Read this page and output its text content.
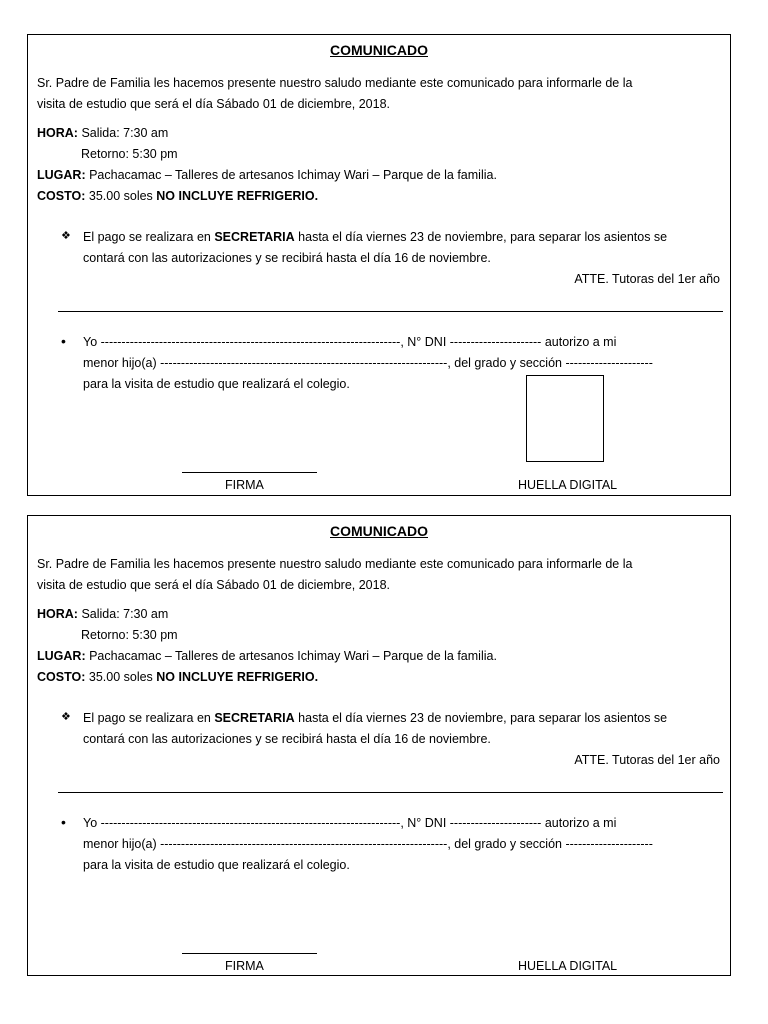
COMUNICADO
Sr. Padre de Familia les hacemos presente nuestro saludo mediante este comunicado para informarle de la
visita de estudio que será el día Sábado 01 de diciembre, 2018.
HORA: Salida: 7:30 am
Retorno: 5:30 pm
LUGAR: Pachacamac – Talleres de artesanos Ichimay Wari – Parque de la familia.
COSTO: 35.00 soles NO INCLUYE REFRIGERIO.
❖ El pago se realizara en SECRETARIA hasta el día viernes 23 de noviembre, para separar los asientos se
contará con las autorizaciones y se recibirá hasta el día 16 de noviembre.
ATTE. Tutoras del 1er año
• Yo ------------------------------------------------------------------------, N° DNI ---------------------- autorizo a mi
menor hijo(a) ---------------------------------------------------------------------, del grado y sección ---------------------
para la visita de estudio que realizará el colegio.
FIRMA	HUELLA DIGITAL
COMUNICADO
Sr. Padre de Familia les hacemos presente nuestro saludo mediante este comunicado para informarle de la
visita de estudio que será el día Sábado 01 de diciembre, 2018.
HORA: Salida: 7:30 am
Retorno: 5:30 pm
LUGAR: Pachacamac – Talleres de artesanos Ichimay Wari – Parque de la familia.
COSTO: 35.00 soles NO INCLUYE REFRIGERIO.
❖ El pago se realizara en SECRETARIA hasta el día viernes 23 de noviembre, para separar los asientos se
contará con las autorizaciones y se recibirá hasta el día 16 de noviembre.
ATTE. Tutoras del 1er año
• Yo ------------------------------------------------------------------------, N° DNI ---------------------- autorizo a mi
menor hijo(a) ---------------------------------------------------------------------, del grado y sección ---------------------
para la visita de estudio que realizará el colegio.
FIRMA	HUELLA DIGITAL
